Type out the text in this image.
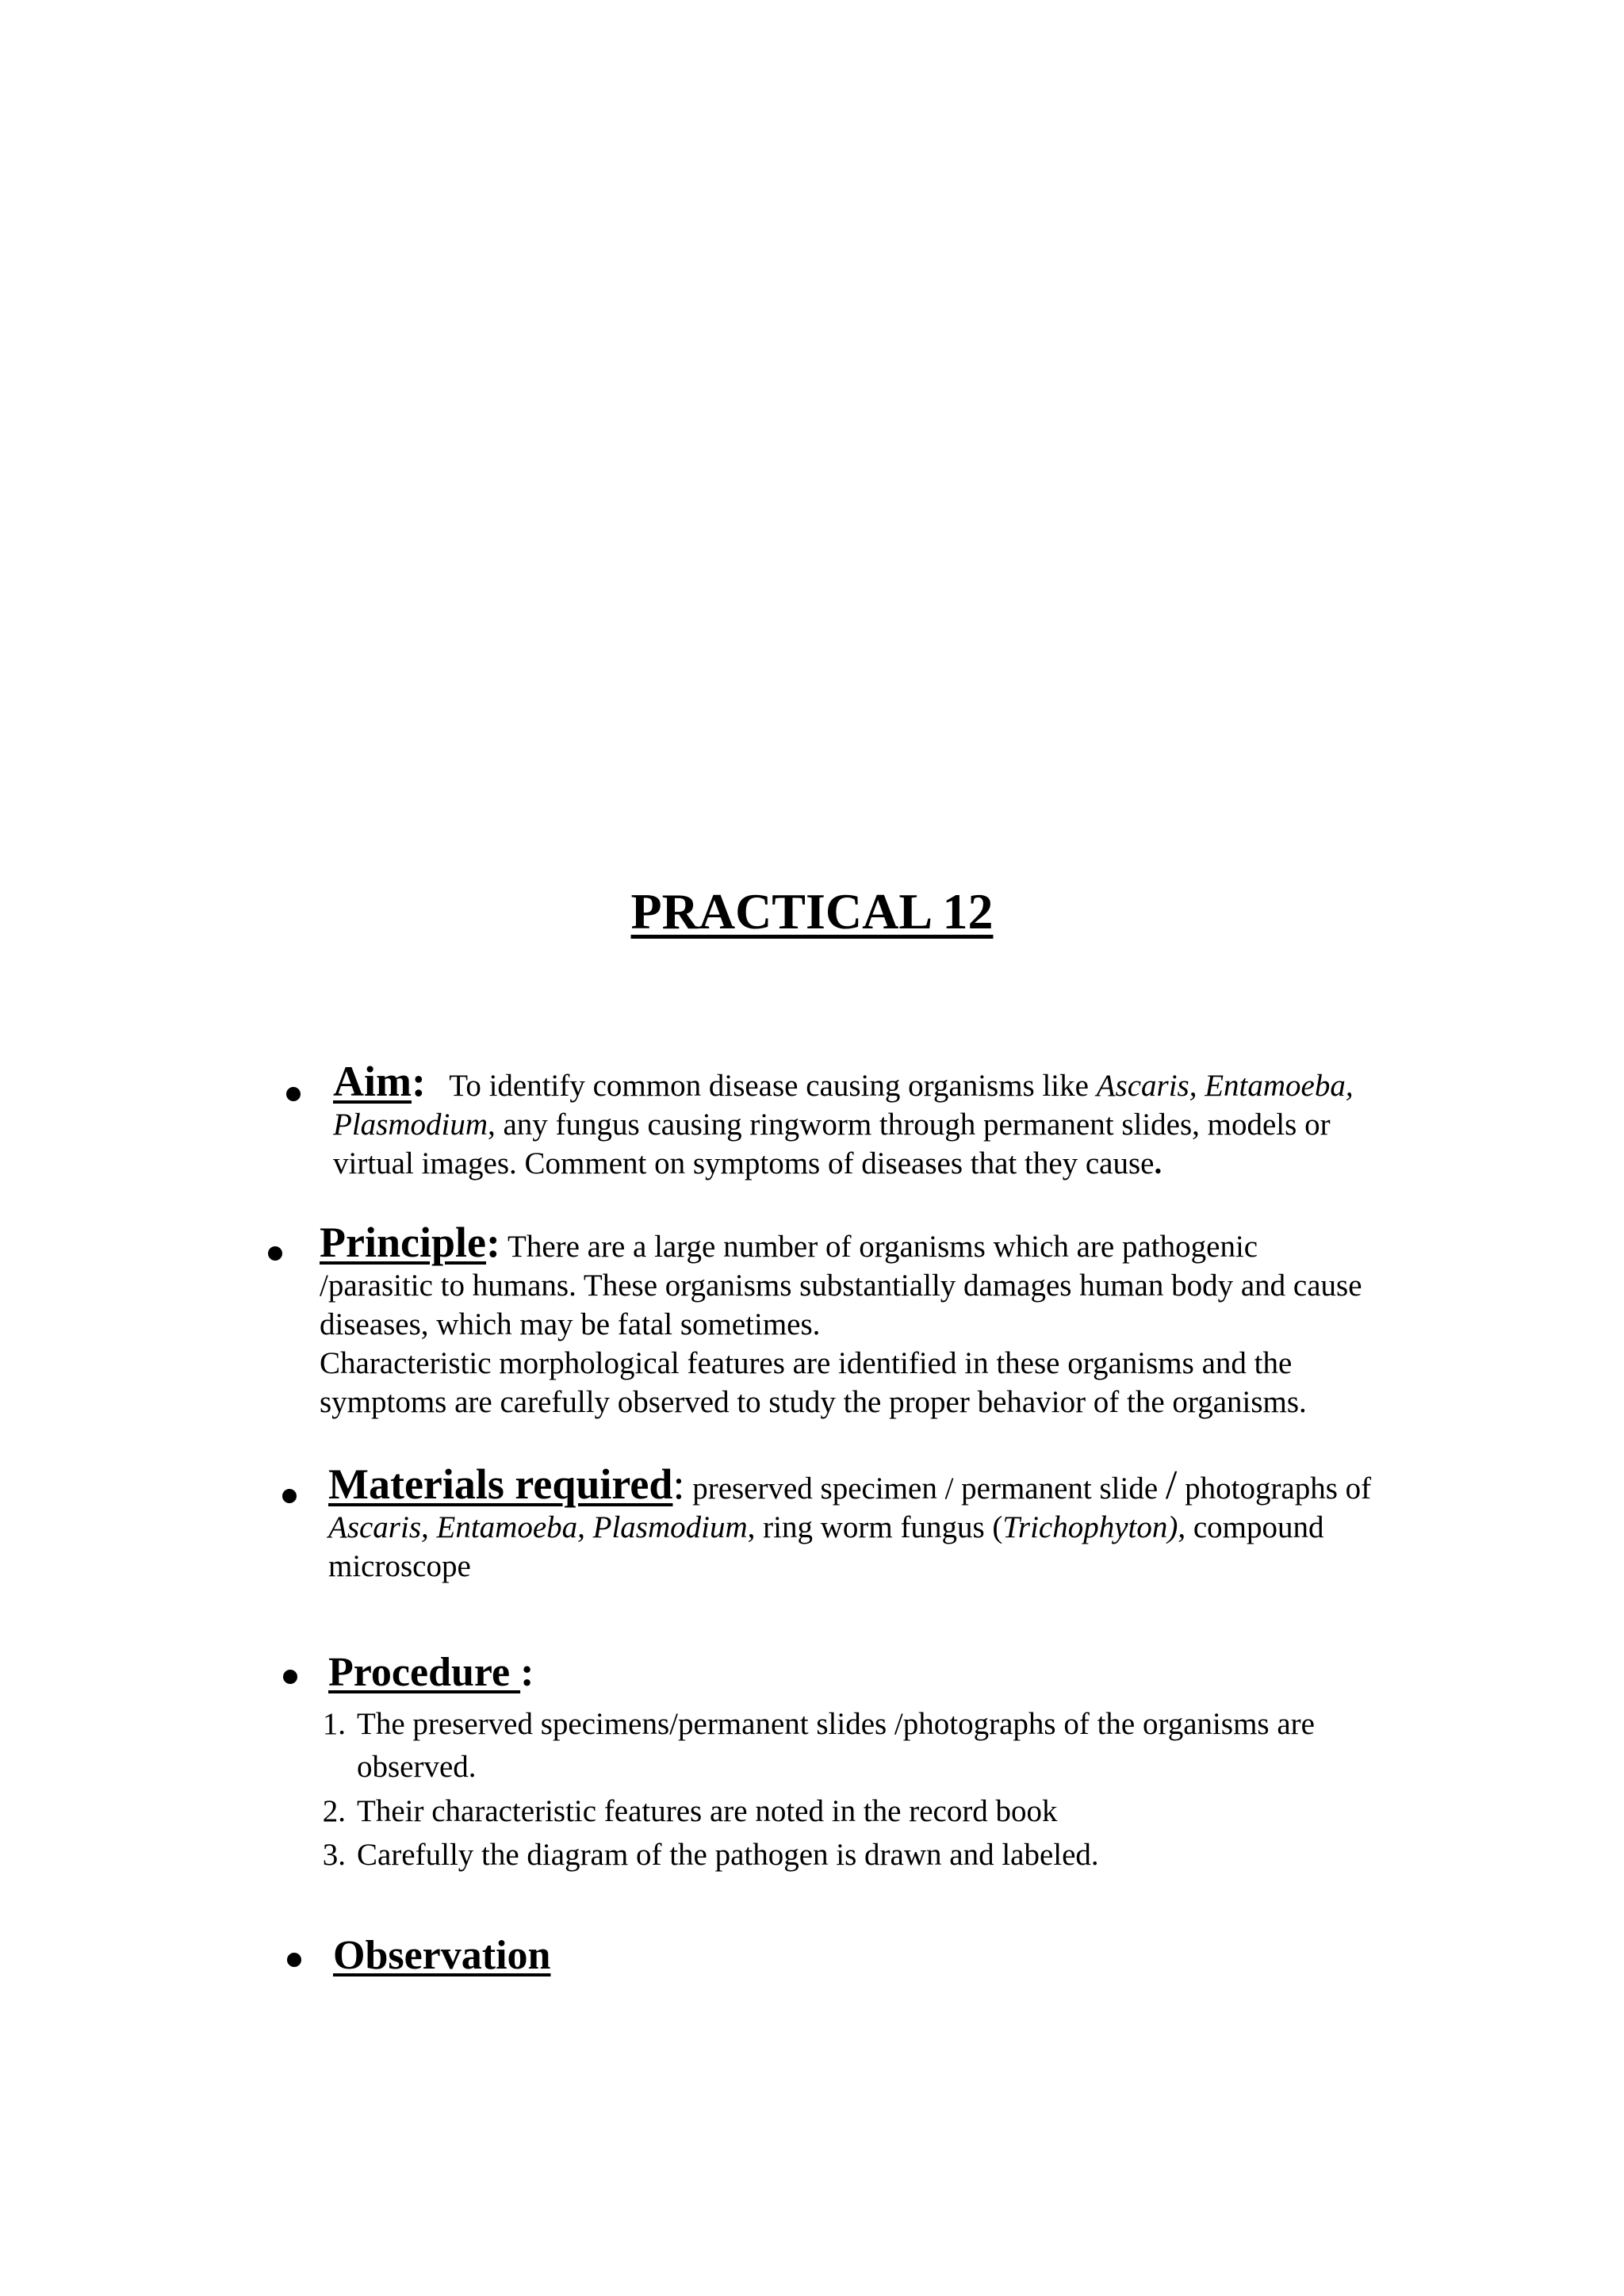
PRACTICAL 12
Aim: To identify common disease causing organisms like Ascaris, Entamoeba,
Plasmodium, any fungus causing ringworm through permanent slides, models or
virtual images. Comment on symptoms of diseases that they cause.
Principle: There are a large number of organisms which are pathogenic
/parasitic to humans. These organisms substantially damages human body and cause
diseases, which may be fatal sometimes.
Characteristic morphological features are identified in these organisms and the
symptoms are carefully observed to study the proper behavior of the organisms.
Materials required: preserved specimen / permanent slide / photographs of
Ascaris, Entamoeba, Plasmodium, ring worm fungus (Trichophyton), compound
microscope
Procedure :
1. The preserved specimens/permanent slides /photographs of the organisms are
observed.
2. Their characteristic features are noted in the record book
3. Carefully the diagram of the pathogen is drawn and labeled.
Observation
